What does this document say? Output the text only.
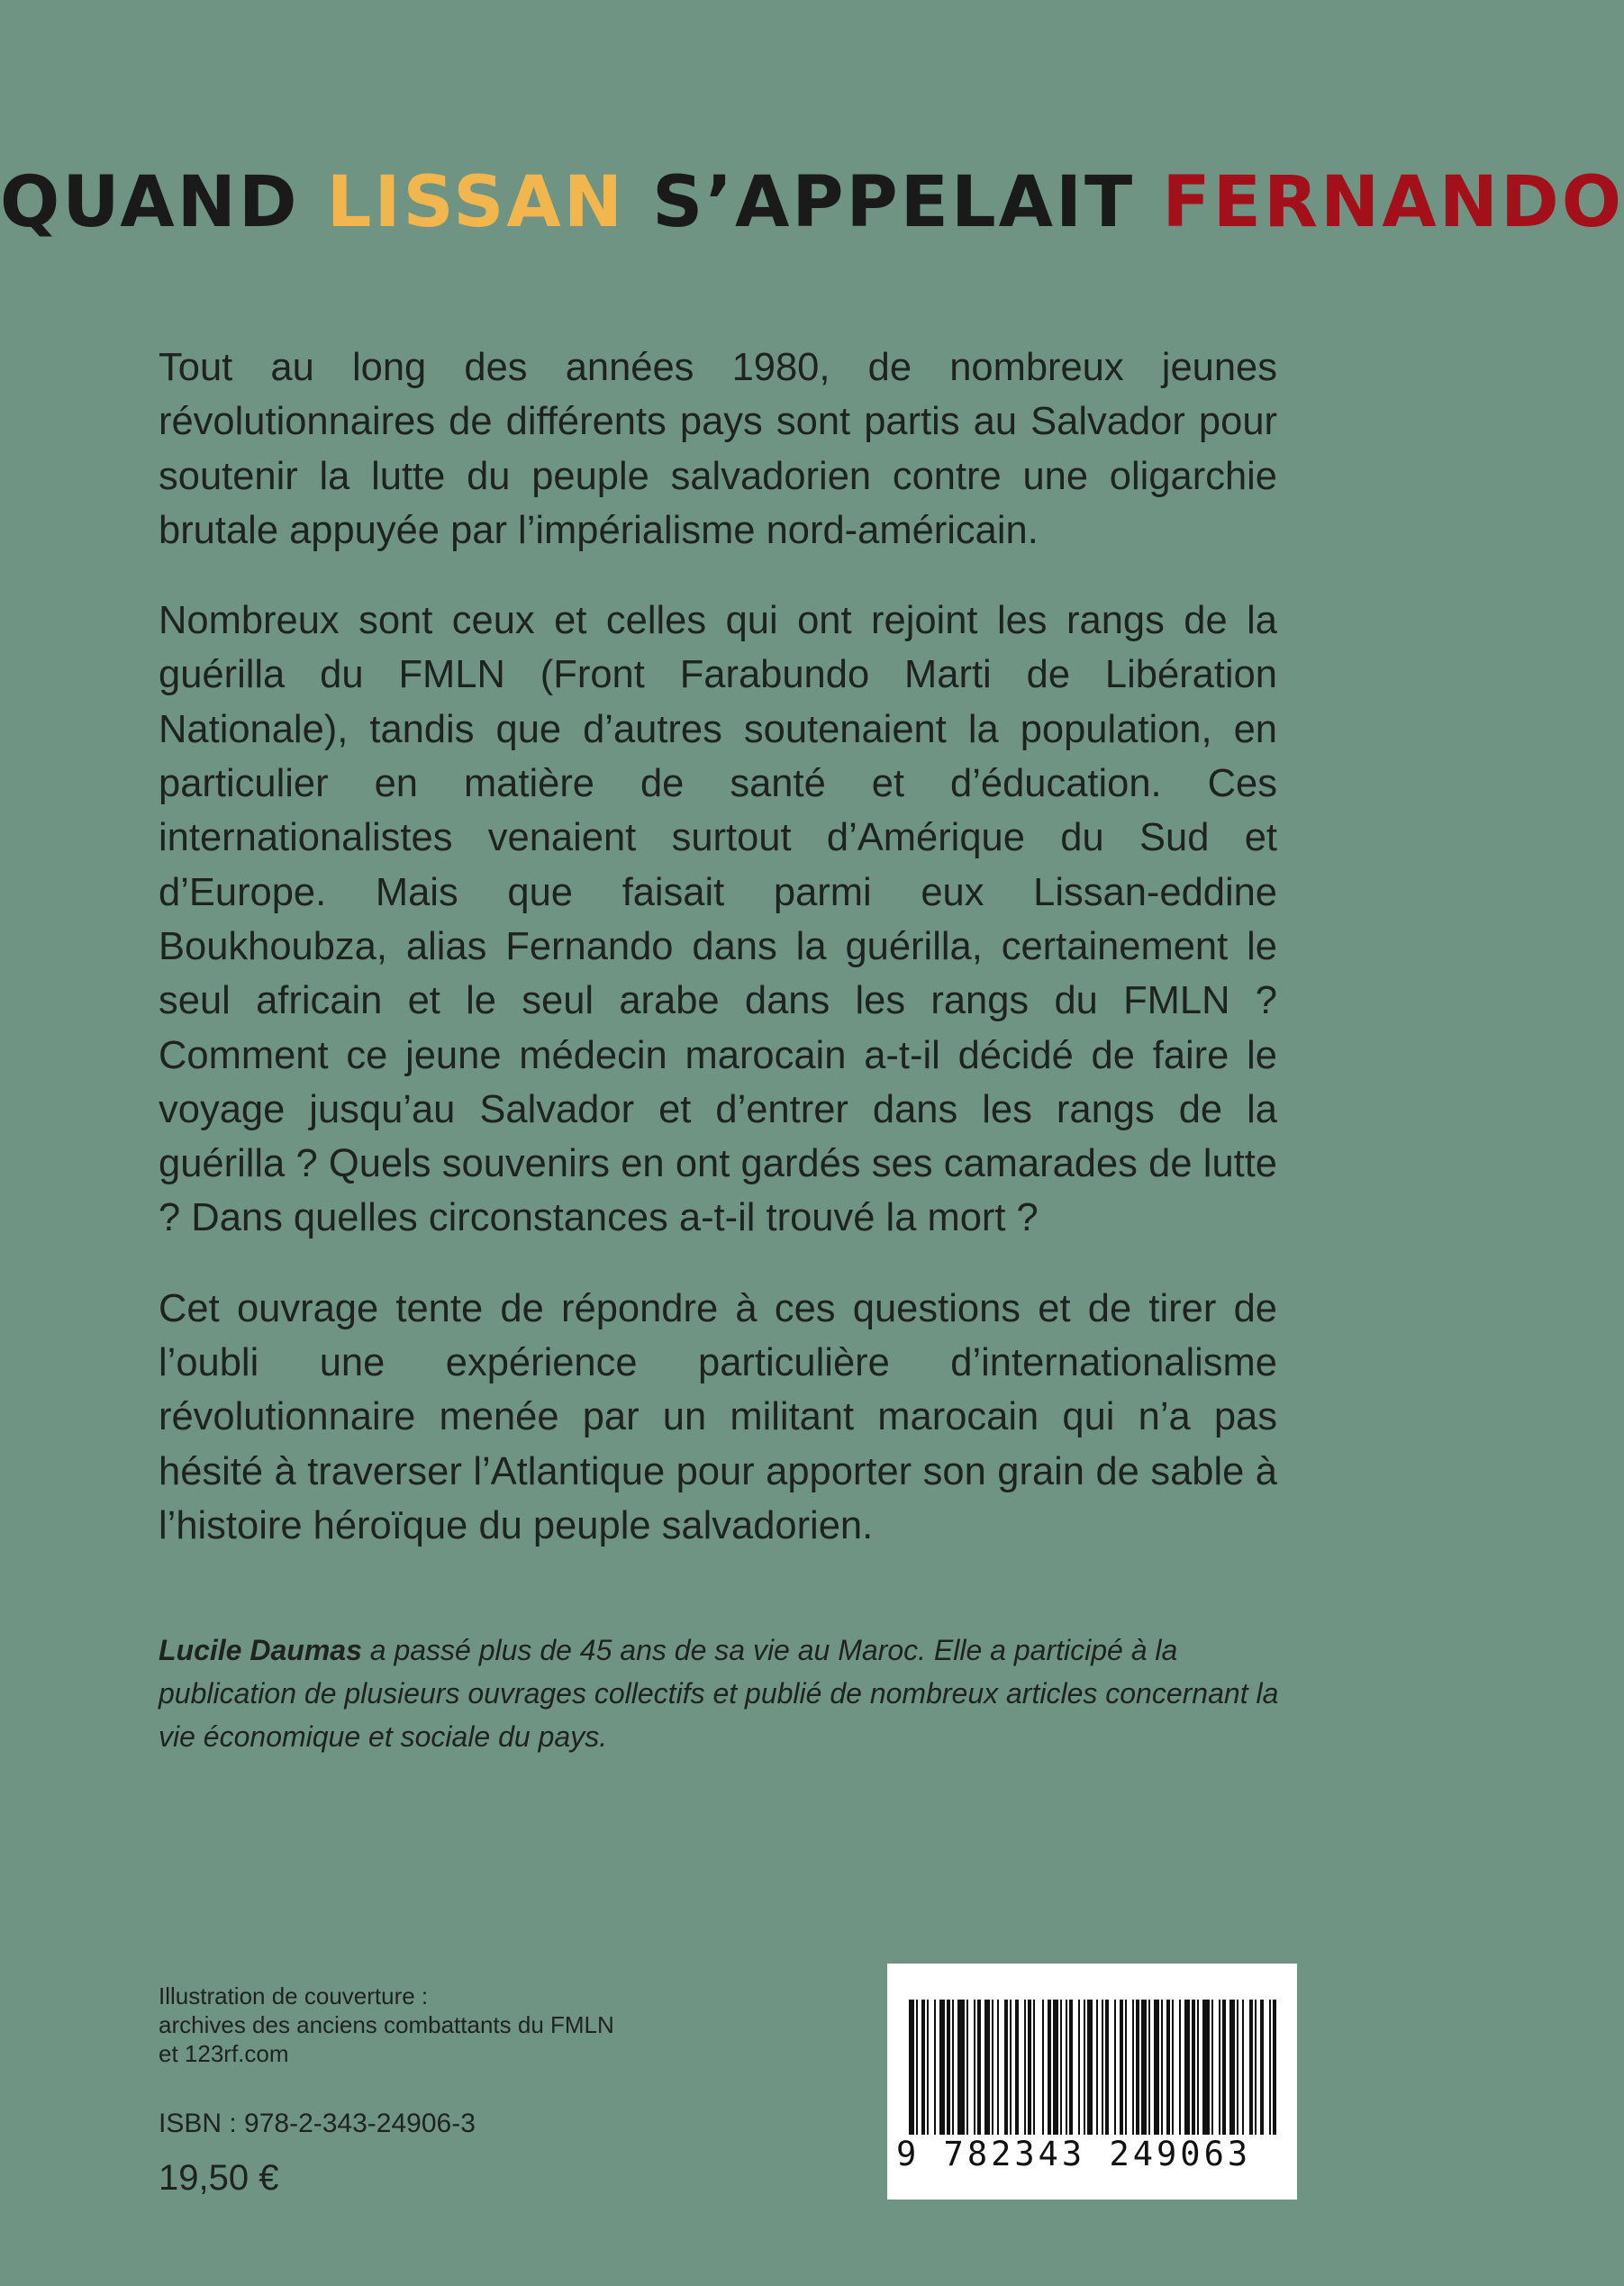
QUAND LISSAN S’APPELAIT FERNANDO

Tout au long des années 1980, de nombreux jeunes révolutionnaires de différents pays sont partis au Salvador pour soutenir la lutte du peuple salvadorien contre une oligarchie brutale appuyée par l’impérialisme nord-américain.

Nombreux sont ceux et celles qui ont rejoint les rangs de la guérilla du FMLN (Front Farabundo Marti de Libération Nationale), tandis que d’autres soutenaient la population, en particulier en matière de santé et d’éducation. Ces internationalistes venaient surtout d’Amérique du Sud et d’Europe. Mais que faisait parmi eux Lissan-eddine Boukhoubza, alias Fernando dans la guérilla, certainement le seul africain et le seul arabe dans les rangs du FMLN ? Comment ce jeune médecin marocain a-t-il décidé de faire le voyage jusqu’au Salvador et d’entrer dans les rangs de la guérilla ? Quels souvenirs en ont gardés ses camarades de lutte ? Dans quelles circonstances a-t-il trouvé la mort ?

Cet ouvrage tente de répondre à ces questions et de tirer de l’oubli une expérience particulière d’internationalisme révolutionnaire menée par un militant marocain qui n’a pas hésité à traverser l’Atlantique pour apporter son grain de sable à l’histoire héroïque du peuple salvadorien.

Lucile Daumas a passé plus de 45 ans de sa vie au Maroc. Elle a participé à la publication de plusieurs ouvrages collectifs et publié de nombreux articles concernant la vie économique et sociale du pays.
Illustration de couverture :
archives des anciens combattants du FMLN
et 123rf.com
ISBN : 978-2-343-24906-3
19,50 €
9 782343 249063
